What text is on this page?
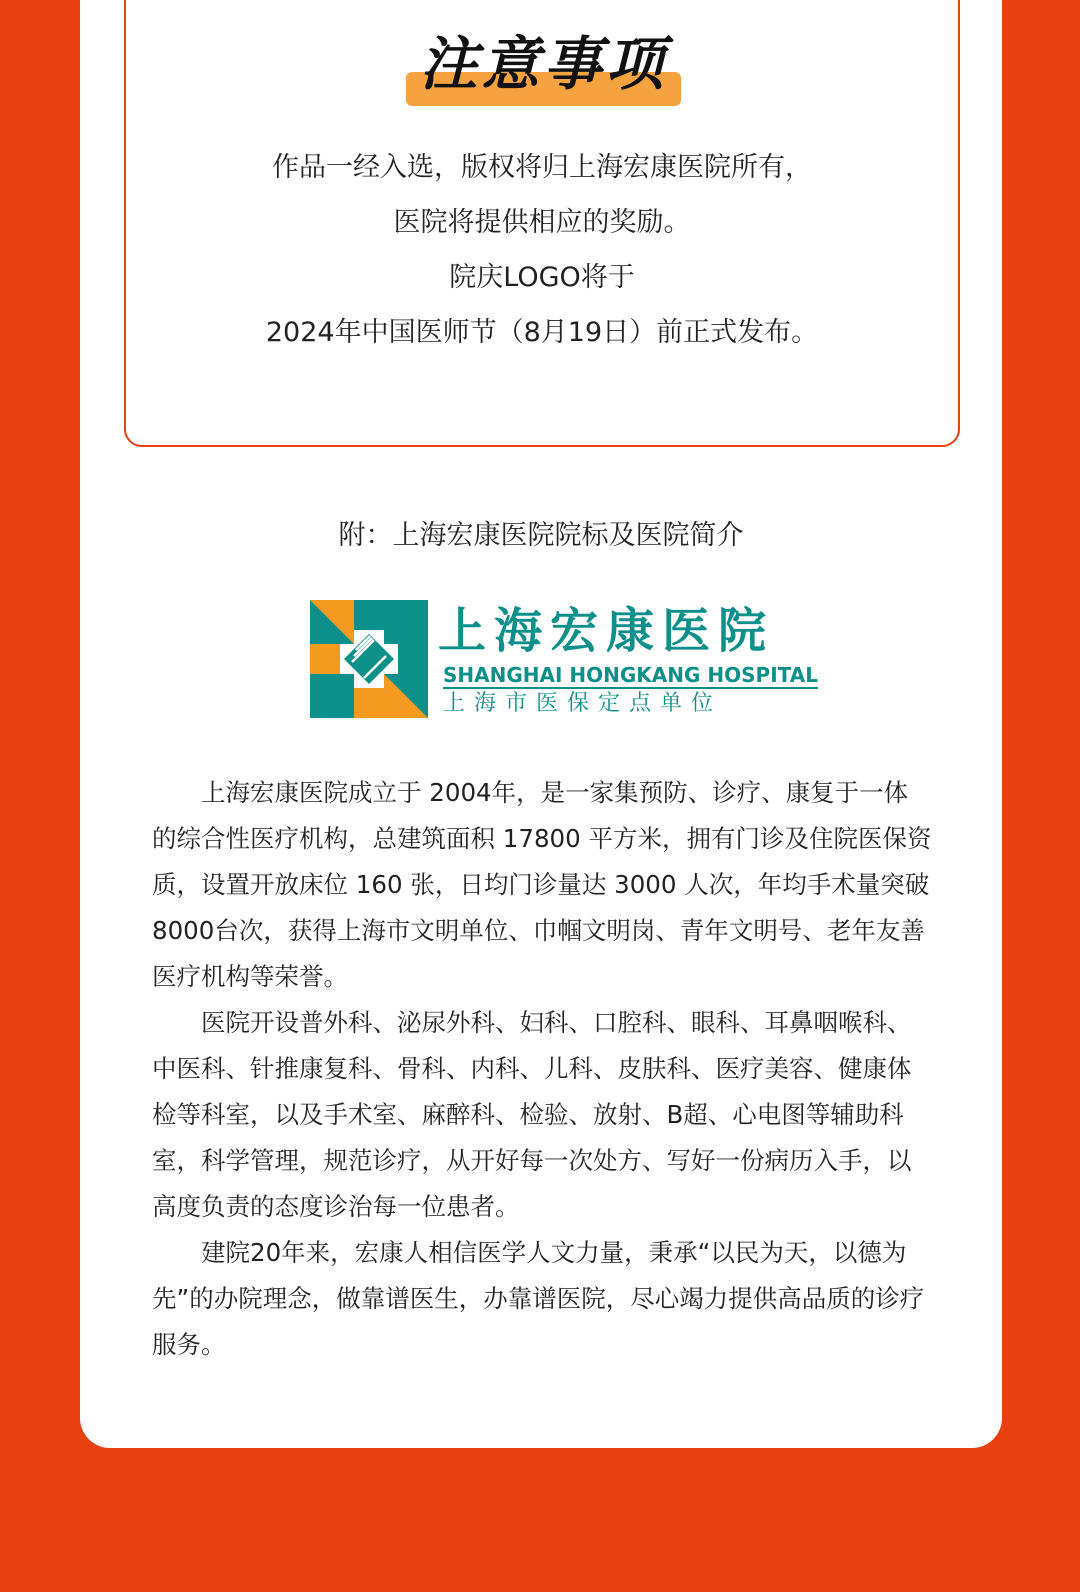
注意事项
作品一经入选，版权将归上海宏康医院所有，
医院将提供相应的奖励。
院庆LOGO将于
2024年中国医师节（8月19日）前正式发布。
附：上海宏康医院院标及医院简介
上海宏康医院
SHANGHAI HONGKANG HOSPITAL
上海市医保定点单位

上海宏康医院成立于 2004年，是一家集预防、诊疗、康复于一体的综合性医疗机构，总建筑面积 17800 平方米，拥有门诊及住院医保资质，设置开放床位 160 张，日均门诊量达 3000 人次，年均手术量突破 8000台次，获得上海市文明单位、巾帼文明岗、青年文明号、老年友善医疗机构等荣誉。

医院开设普外科、泌尿外科、妇科、口腔科、眼科、耳鼻咽喉科、中医科、针推康复科、骨科、内科、儿科、皮肤科、医疗美容、健康体检等科室，以及手术室、麻醉科、检验、放射、B超、心电图等辅助科室，科学管理，规范诊疗，从开好每一次处方、写好一份病历入手，以高度负责的态度诊治每一位患者。

建院20年来，宏康人相信医学人文力量，秉承“以民为天，以德为先”的办院理念，做靠谱医生，办靠谱医院，尽心竭力提供高品质的诊疗服务。
